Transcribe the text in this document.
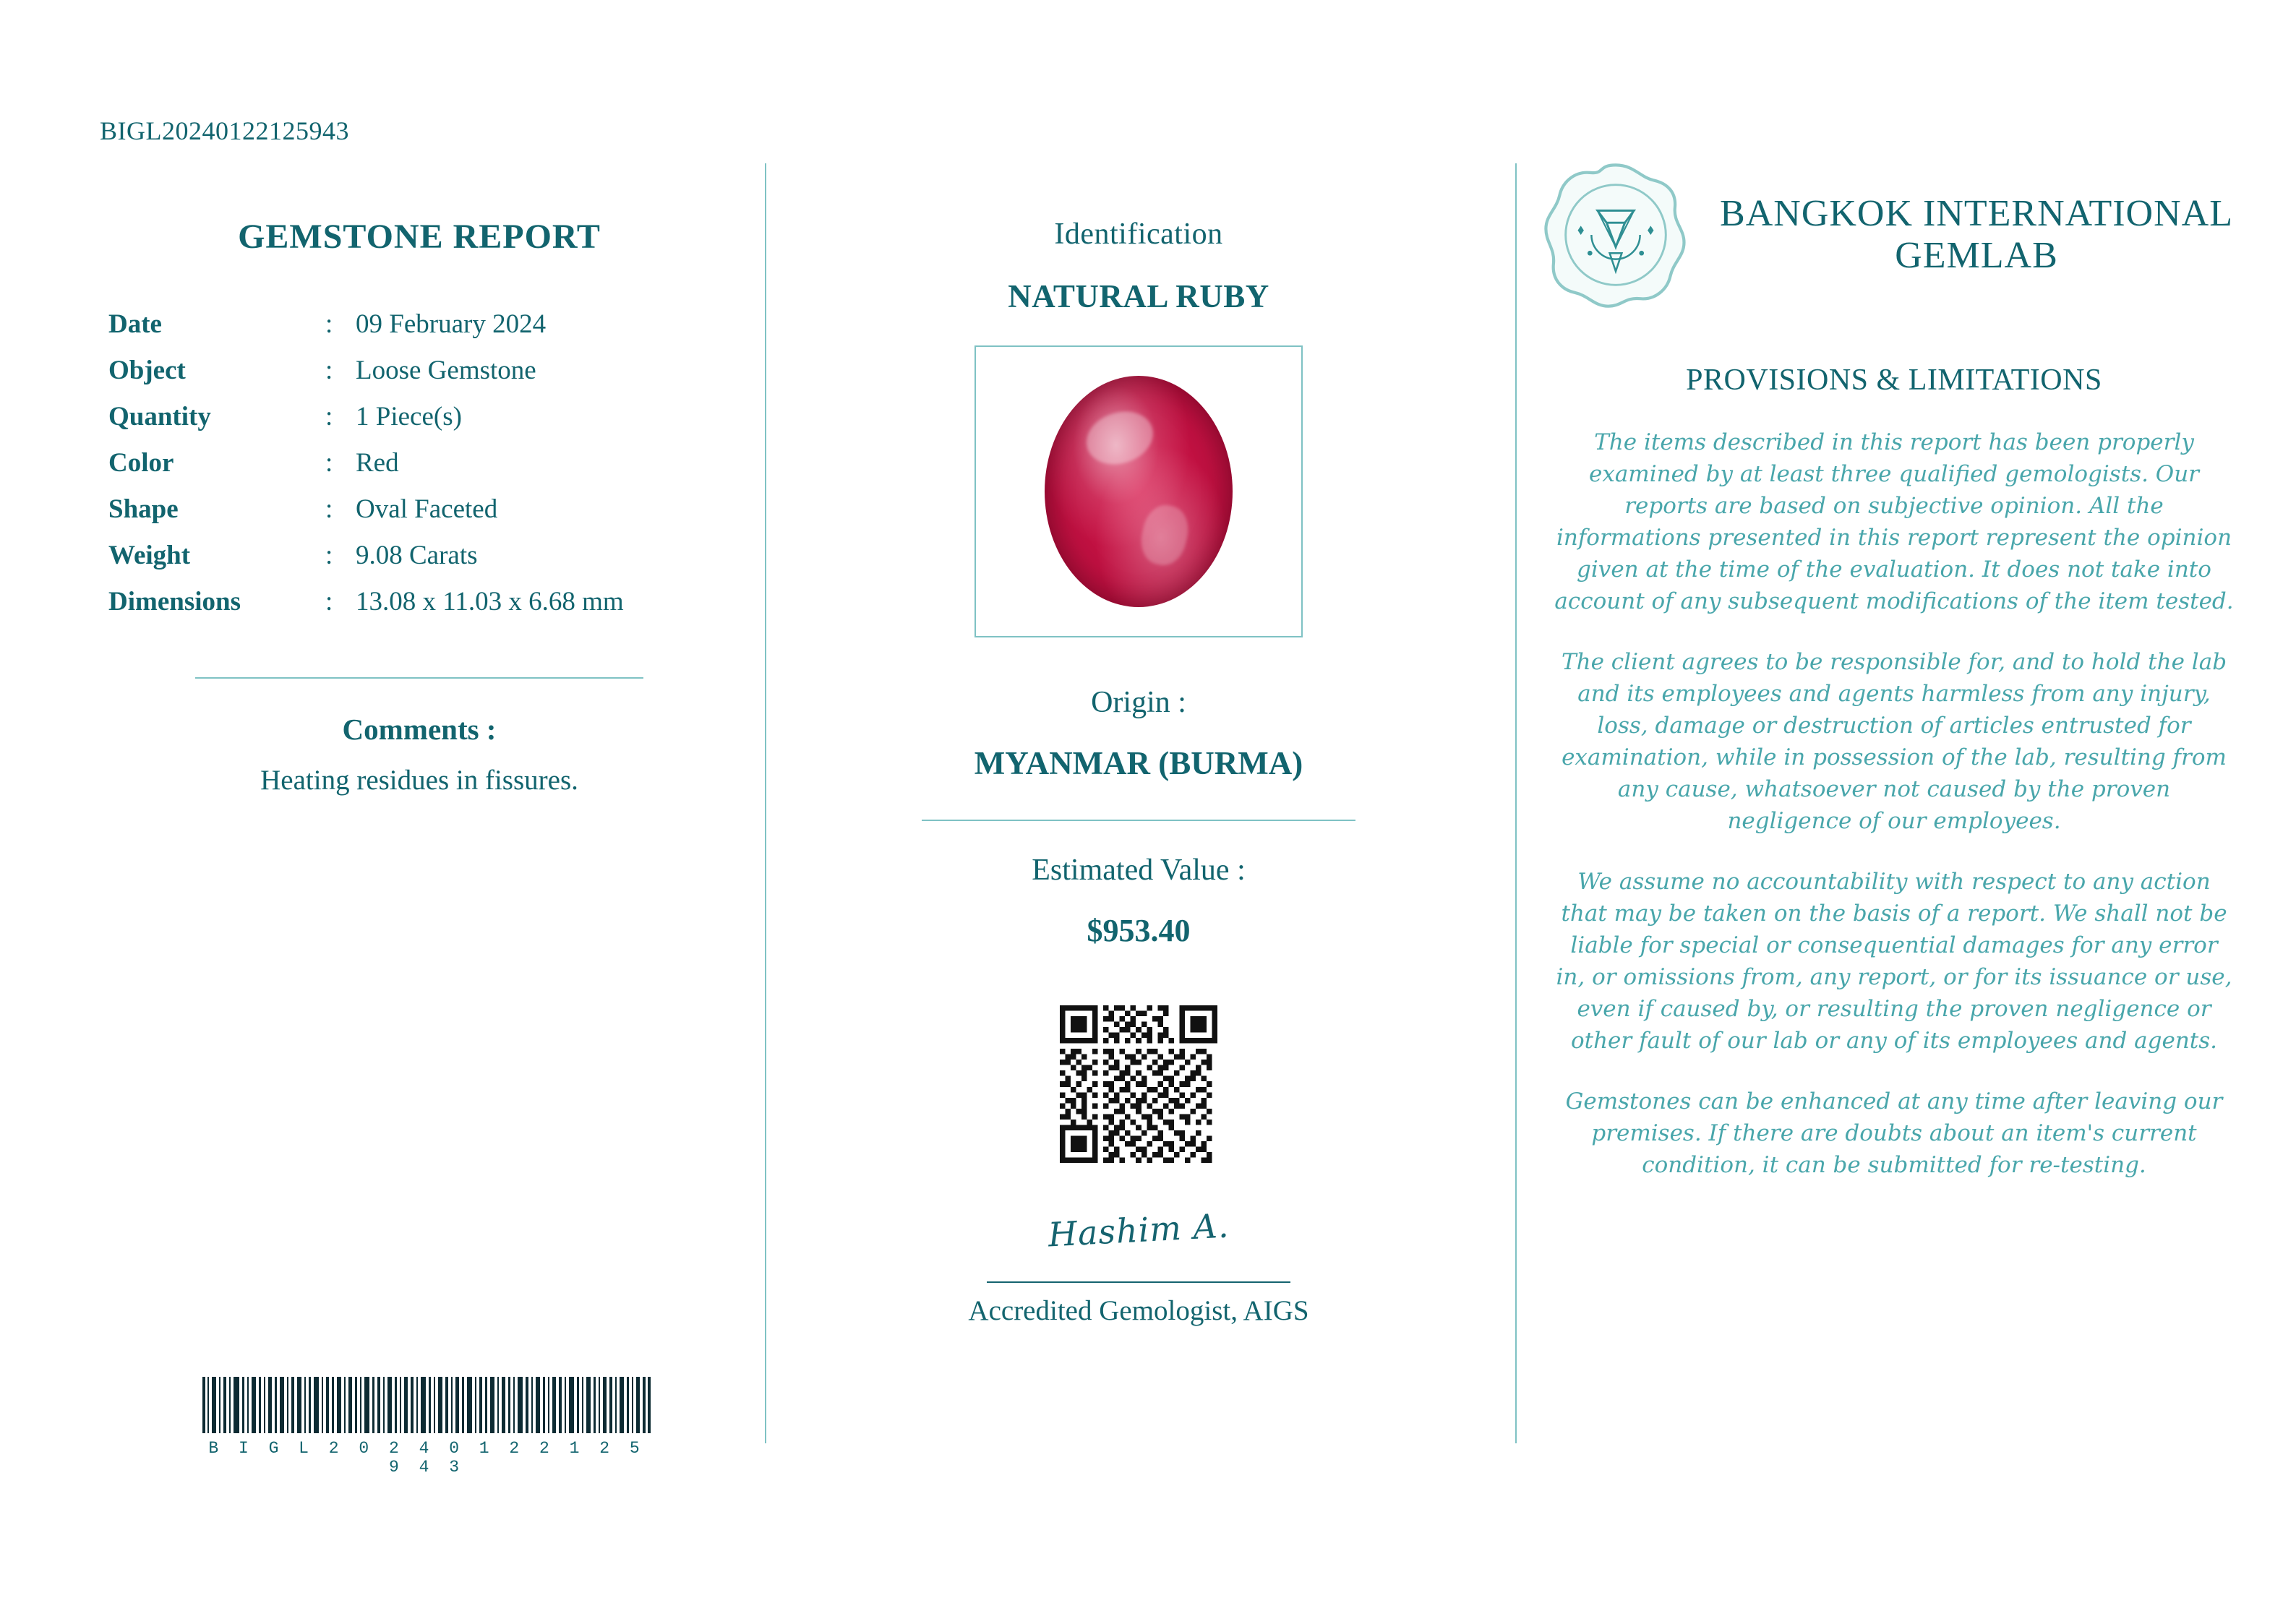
BIGL20240122125943
GEMSTONE REPORT
Date	:	09 February 2024
Object	:	Loose Gemstone
Quantity	:	1 Piece(s)
Color	:	Red
Shape	:	Oval Faceted
Weight	:	9.08 Carats
Dimensions	:	13.08 x 11.03 x 6.68 mm
Comments :
Heating residues in fissures.
B I G L 2 0 2 4 0 1 2 2 1 2 5 9 4 3
Identification
NATURAL RUBY
Origin :
MYANMAR (BURMA)
Estimated Value :
$953.40
Hashim A.
Accredited Gemologist, AIGS
BANGKOK INTERNATIONAL GEMLAB
PROVISIONS & LIMITATIONS
The items described in this report has been properly examined by at least three qualified gemologists. Our reports are based on subjective opinion. All the informations presented in this report represent the opinion given at the time of the evaluation. It does not take into account of any subsequent modifications of the item tested.
The client agrees to be responsible for, and to hold the lab and its employees and agents harmless from any injury, loss, damage or destruction of articles entrusted for examination, while in possession of the lab, resulting from any cause, whatsoever not caused by the proven negligence of our employees.
We assume no accountability with respect to any action that may be taken on the basis of a report. We shall not be liable for special or consequential damages for any error in, or omissions from, any report, or for its issuance or use, even if caused by, or resulting the proven negligence or other fault of our lab or any of its employees and agents.
Gemstones can be enhanced at any time after leaving our premises. If there are doubts about an item's current condition, it can be submitted for re-testing.
